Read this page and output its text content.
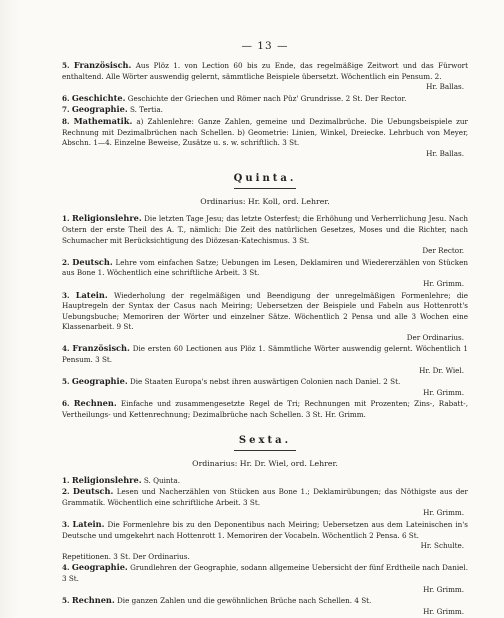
— 13 —

5. Französisch. Aus Plöz 1. von Lection 60 bis zu Ende, das regelmäßige Zeitwort und das Fürwort enthaltend. Alle Wörter auswendig gelernt, sämmtliche Beispiele übersetzt. Wöchentlich ein Pensum. 2.
Hr. Ballas.

6. Geschichte. Geschichte der Griechen und Römer nach Püz' Grundrisse. 2 St. Der Rector.

7. Geographie. S. Tertia.

8. Mathematik. a) Zahlenlehre: Ganze Zahlen, gemeine und Dezimalbrüche. Die Uebungsbeispiele zur Rechnung mit Dezimalbrüchen nach Schellen. b) Geometrie: Linien, Winkel, Dreiecke. Lehrbuch von Meyer, Abschn. 1—4. Einzelne Beweise, Zusätze u. s. w. schriftlich. 3 St.
Hr. Ballas.

Quinta.
Ordinarius: Hr. Koll, ord. Lehrer.

1. Religionslehre. Die letzten Tage Jesu; das letzte Osterfest; die Erhöhung und Verherrlichung Jesu. Nach Ostern der erste Theil des A. T., nämlich: Die Zeit des natürlichen Gesetzes, Moses und die Richter, nach Schumacher mit Berücksichtigung des Diözesan-Katechismus. 3 St.
Der Rector.

2. Deutsch. Lehre vom einfachen Satze; Uebungen im Lesen, Deklamiren und Wiedererzählen von Stücken aus Bone 1. Wöchentlich eine schriftliche Arbeit. 3 St.
Hr. Grimm.

3. Latein. Wiederholung der regelmäßigen und Beendigung der unregelmäßigen Formenlehre; die Hauptregeln der Syntax der Casus nach Meiring; Uebersetzen der Beispiele und Fabeln aus Hottenrott's Uebungsbuche; Memoriren der Wörter und einzelner Sätze. Wöchentlich 2 Pensa und alle 3 Wochen eine Klassenarbeit. 9 St.
Der Ordinarius.

4. Französisch. Die ersten 60 Lectionen aus Plöz 1. Sämmtliche Wörter auswendig gelernt. Wöchentlich 1 Pensum. 3 St.
Hr. Dr. Wiel.

5. Geographie. Die Staaten Europa's nebst ihren auswärtigen Colonien nach Daniel. 2 St.
Hr. Grimm.

6. Rechnen. Einfache und zusammengesetzte Regel de Tri; Rechnungen mit Prozenten; Zins-, Rabatt-, Vertheilungs- und Kettenrechnung; Dezimalbrüche nach Schellen. 3 St. Hr. Grimm.

Sexta.
Ordinarius: Hr. Dr. Wiel, ord. Lehrer.

1. Religionslehre. S. Quinta.

2. Deutsch. Lesen und Nacherzählen von Stücken aus Bone 1.; Deklamirübungen; das Nöthigste aus der Grammatik. Wöchentlich eine schriftliche Arbeit. 3 St.
Hr. Grimm.

3. Latein. Die Formenlehre bis zu den Deponentibus nach Meiring; Uebersetzen aus dem Lateinischen in's Deutsche und umgekehrt nach Hottenrott 1. Memoriren der Vocabeln. Wöchentlich 2 Pensa. 6 St.
Hr. Schulte.

Repetitionen. 3 St. Der Ordinarius.

4. Geographie. Grundlehren der Geographie, sodann allgemeine Uebersicht der fünf Erdtheile nach Daniel. 3 St.
Hr. Grimm.

5. Rechnen. Die ganzen Zahlen und die gewöhnlichen Brüche nach Schellen. 4 St.
Hr. Grimm.
